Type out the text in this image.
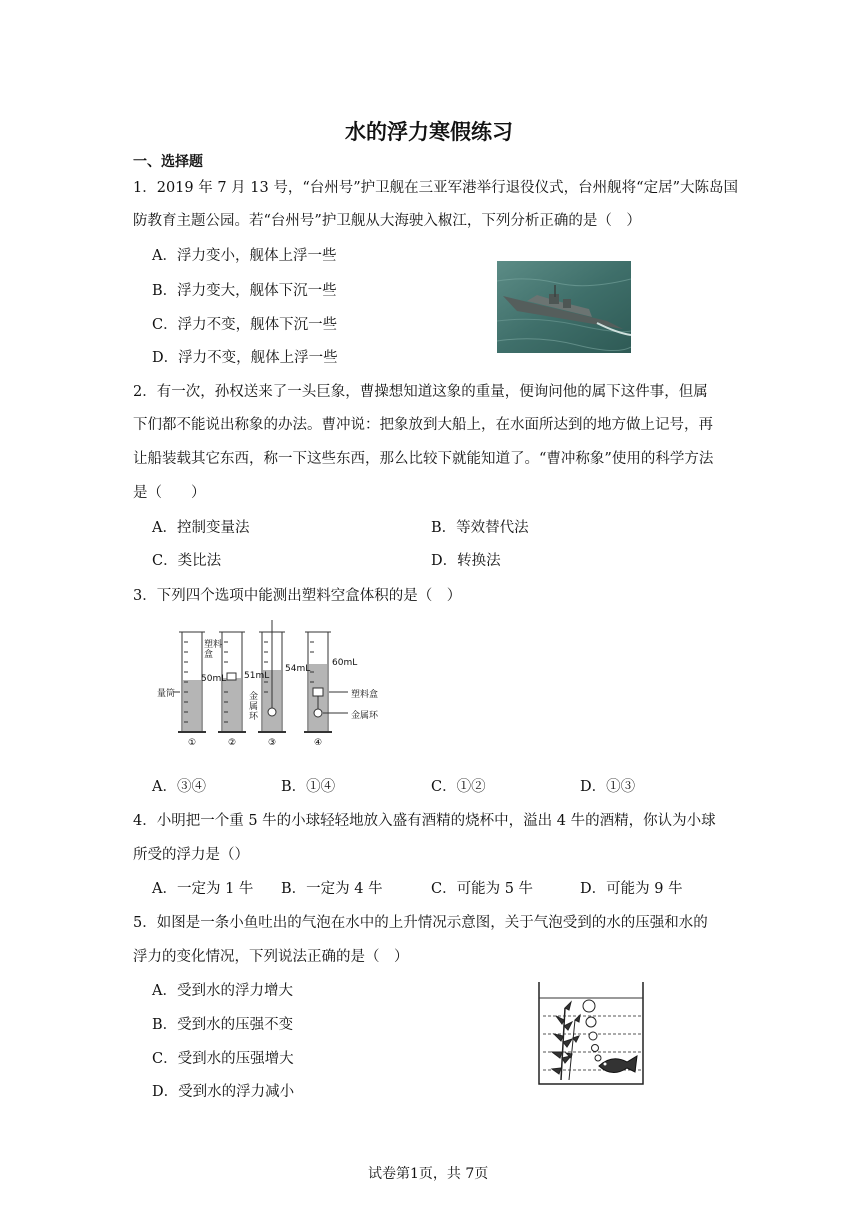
水的浮力寒假练习
一、选择题
1．2019 年 7 月 13 号，“台州号”护卫舰在三亚军港举行退役仪式，台州舰将“定居”大陈岛国
防教育主题公园。若“台州号”护卫舰从大海驶入椒江，下列分析正确的是（　）
A．浮力变小，舰体上浮一些
B．浮力变大，舰体下沉一些
C．浮力不变，舰体下沉一些
D．浮力不变，舰体上浮一些
2．有一次，孙权送来了一头巨象，曹操想知道这象的重量，便询问他的属下这件事，但属
下们都不能说出称象的办法。曹冲说：把象放到大船上，在水面所达到的地方做上记号，再
让船装载其它东西，称一下这些东西，那么比较下就能知道了。“曹冲称象”使用的科学方法
是（　　）
A．控制变量法	B．等效替代法
C．类比法	D．转换法
3．下列四个选项中能测出塑料空盒体积的是（　）
①	②	③	④
量筒
塑料
盒
50mL 51mL
54mL
金
属
环
60mL
塑料盒
金属环
A．③④	B．①④	C．①②	D．①③
4．小明把一个重 5 牛的小球轻轻地放入盛有酒精的烧杯中，溢出 4 牛的酒精，你认为小球
所受的浮力是（）
A．一定为 1 牛 B．一定为 4 牛	C．可能为 5 牛	D．可能为 9 牛
5．如图是一条小鱼吐出的气泡在水中的上升情况示意图，关于气泡受到的水的压强和水的
浮力的变化情况，下列说法正确的是（　）
A．受到水的浮力增大
B．受到水的压强不变
C．受到水的压强增大
D．受到水的浮力减小
试卷第1页，共 7页
